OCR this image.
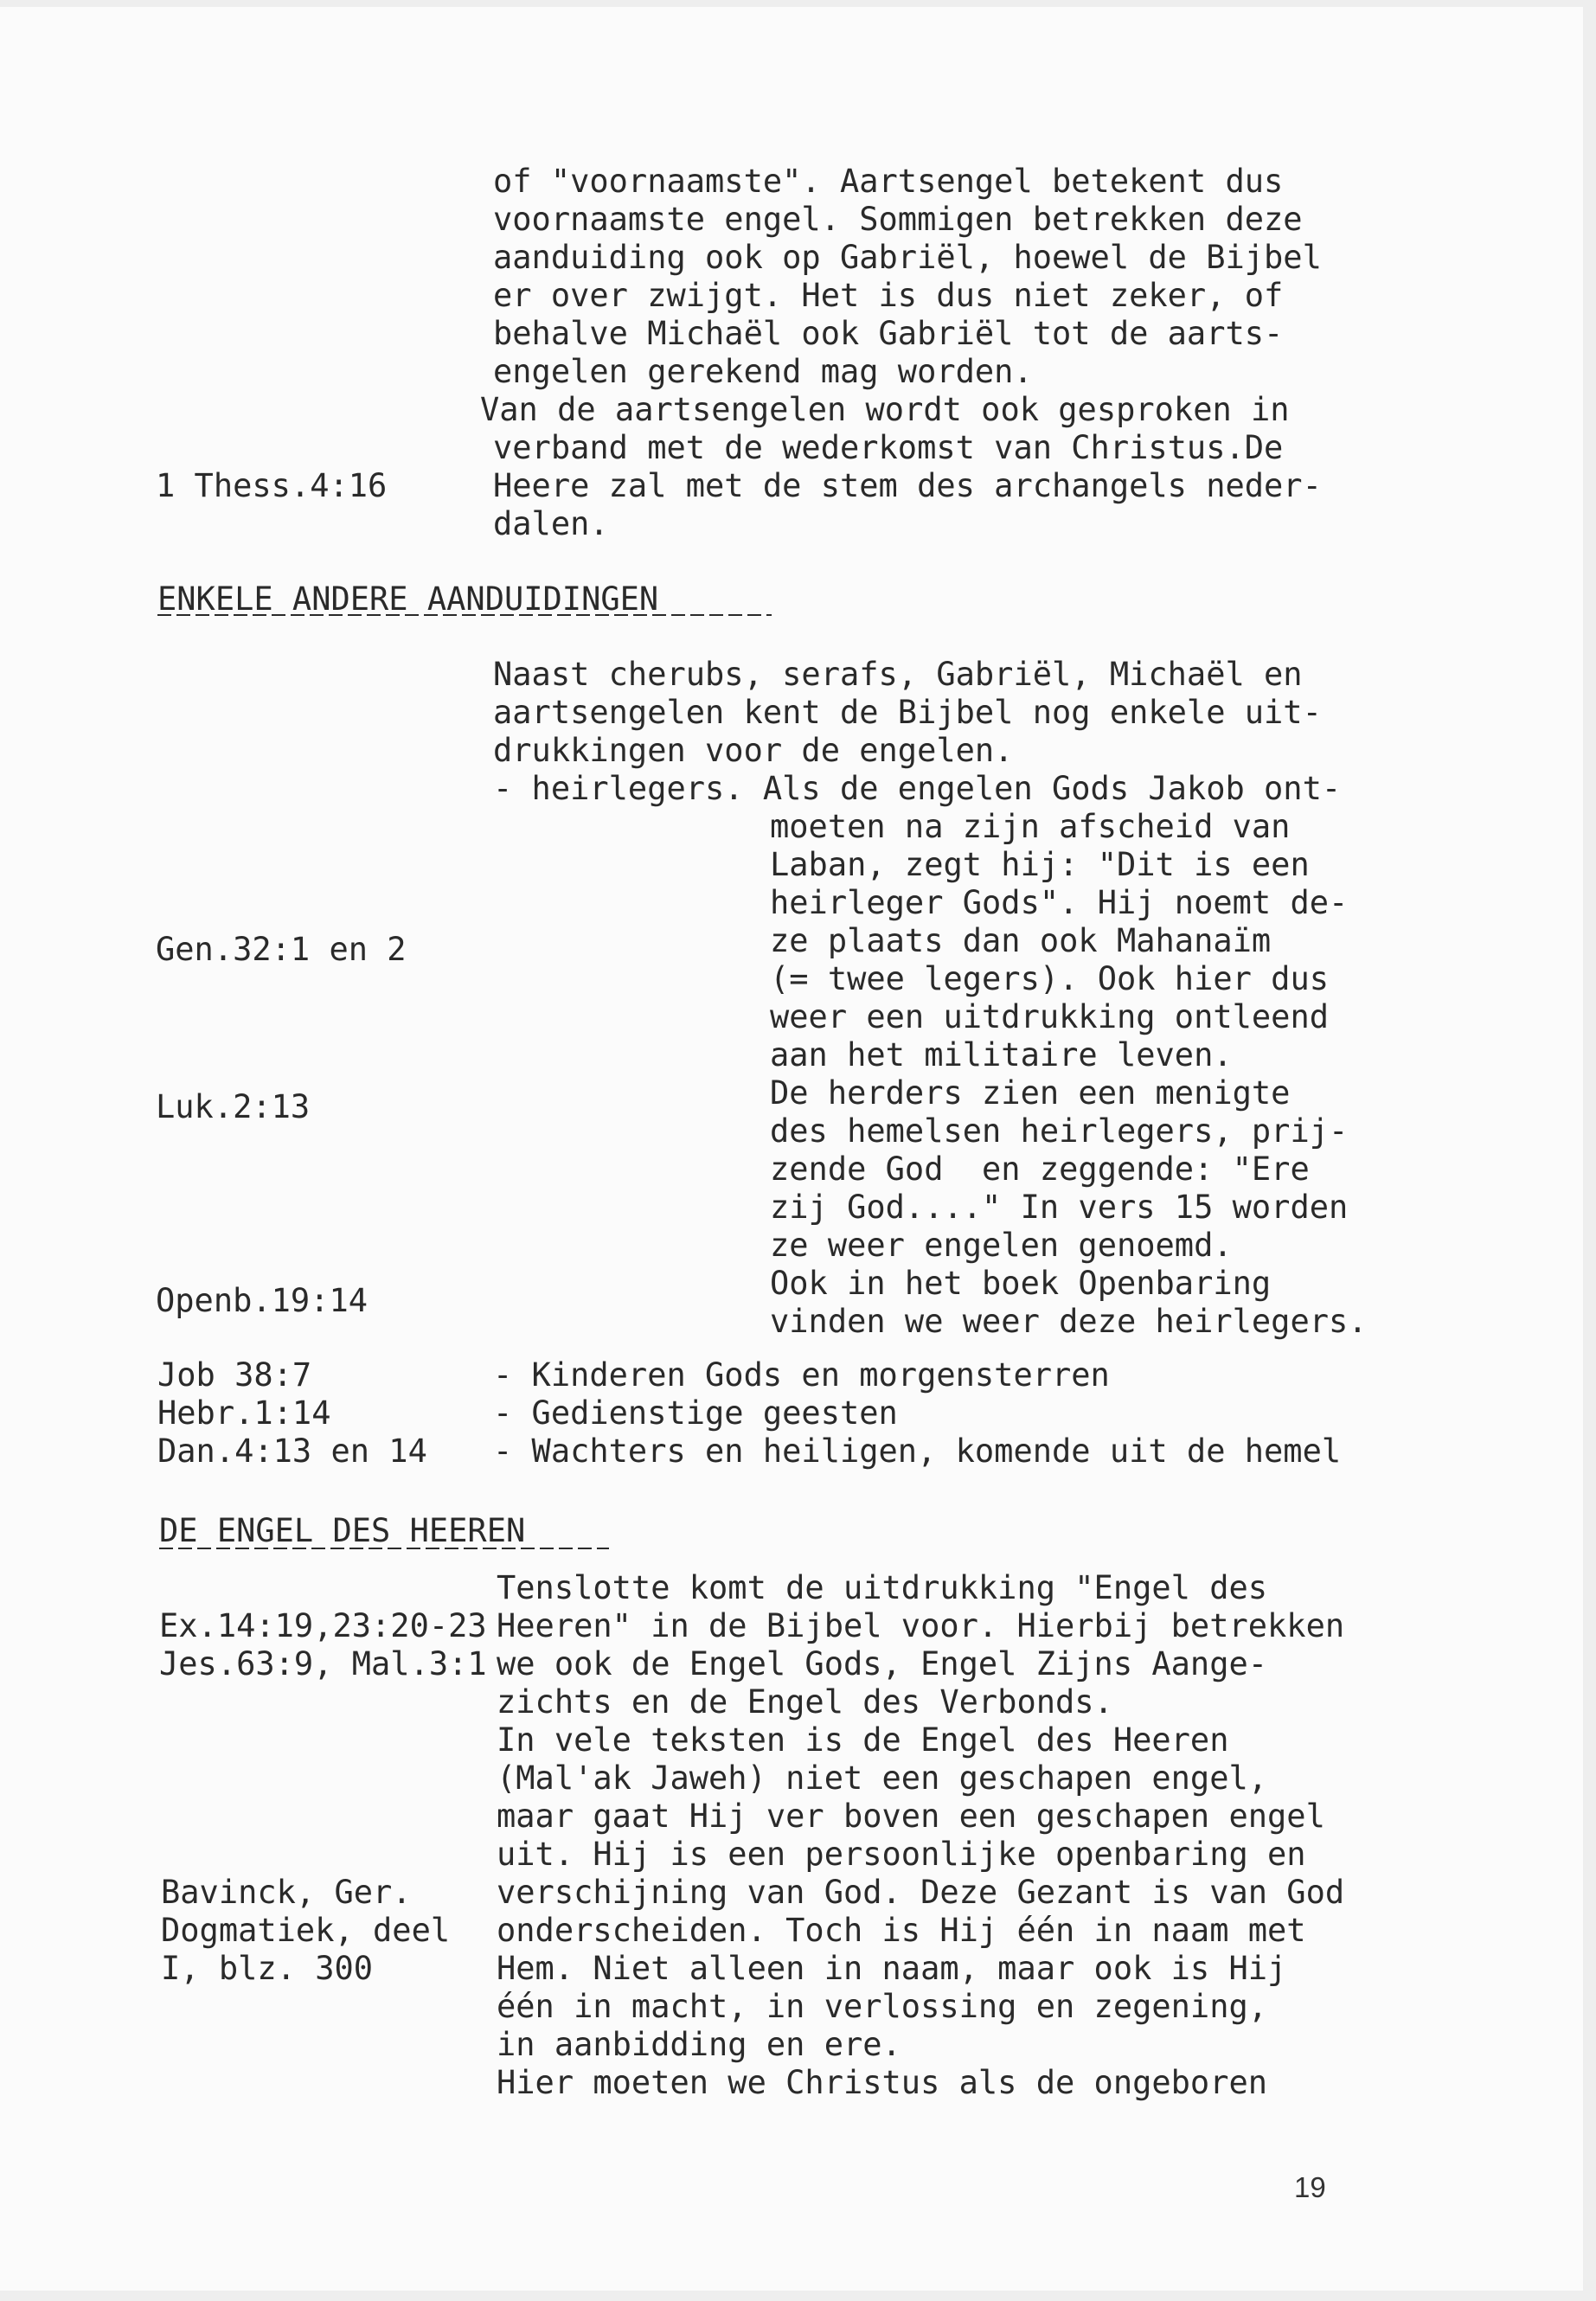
of "voornaamste". Aartsengel betekent dus
voornaamste engel. Sommigen betrekken deze
aanduiding ook op Gabriël, hoewel de Bijbel
er over zwijgt. Het is dus niet zeker, of
behalve Michaël ook Gabriël tot de aarts-
engelen gerekend mag worden.
Van de aartsengelen wordt ook gesproken in
verband met de wederkomst van Christus.De
Heere zal met de stem des archangels neder-
dalen.
1 Thess.4:16
ENKELE ANDERE AANDUIDINGEN
Naast cherubs, serafs, Gabriël, Michaël en
aartsengelen kent de Bijbel nog enkele uit-
drukkingen voor de engelen.
- heirlegers. Als de engelen Gods Jakob ont-
moeten na zijn afscheid van
Laban, zegt hij: "Dit is een
heirleger Gods". Hij noemt de-
ze plaats dan ook Mahanaïm
(= twee legers). Ook hier dus
weer een uitdrukking ontleend
aan het militaire leven.
De herders zien een menigte
des hemelsen heirlegers, prij-
zende God  en zeggende: "Ere
zij God...." In vers 15 worden
ze weer engelen genoemd.
Ook in het boek Openbaring
vinden we weer deze heirlegers.
Gen.32:1 en 2
Luk.2:13
Openb.19:14
Job 38:7	- Kinderen Gods en morgensterren
Hebr.1:14	- Gedienstige geesten
Dan.4:13 en 14 - Wachters en heiligen, komende uit de hemel
DE ENGEL DES HEEREN
Tenslotte komt de uitdrukking "Engel des
Ex.14:19,23:20-23 Heeren" in de Bijbel voor. Hierbij betrekken
Jes.63:9, Mal.3:1 we ook de Engel Gods, Engel Zijns Aange-
zichts en de Engel des Verbonds.
In vele teksten is de Engel des Heeren
(Mal'ak Jaweh) niet een geschapen engel,
maar gaat Hij ver boven een geschapen engel
uit. Hij is een persoonlijke openbaring en
verschijning van God. Deze Gezant is van God
onderscheiden. Toch is Hij één in naam met
Hem. Niet alleen in naam, maar ook is Hij
één in macht, in verlossing en zegening,
in aanbidding en ere.
Hier moeten we Christus als de ongeboren
Bavinck, Ger.
Dogmatiek, deel
I, blz. 300
19
